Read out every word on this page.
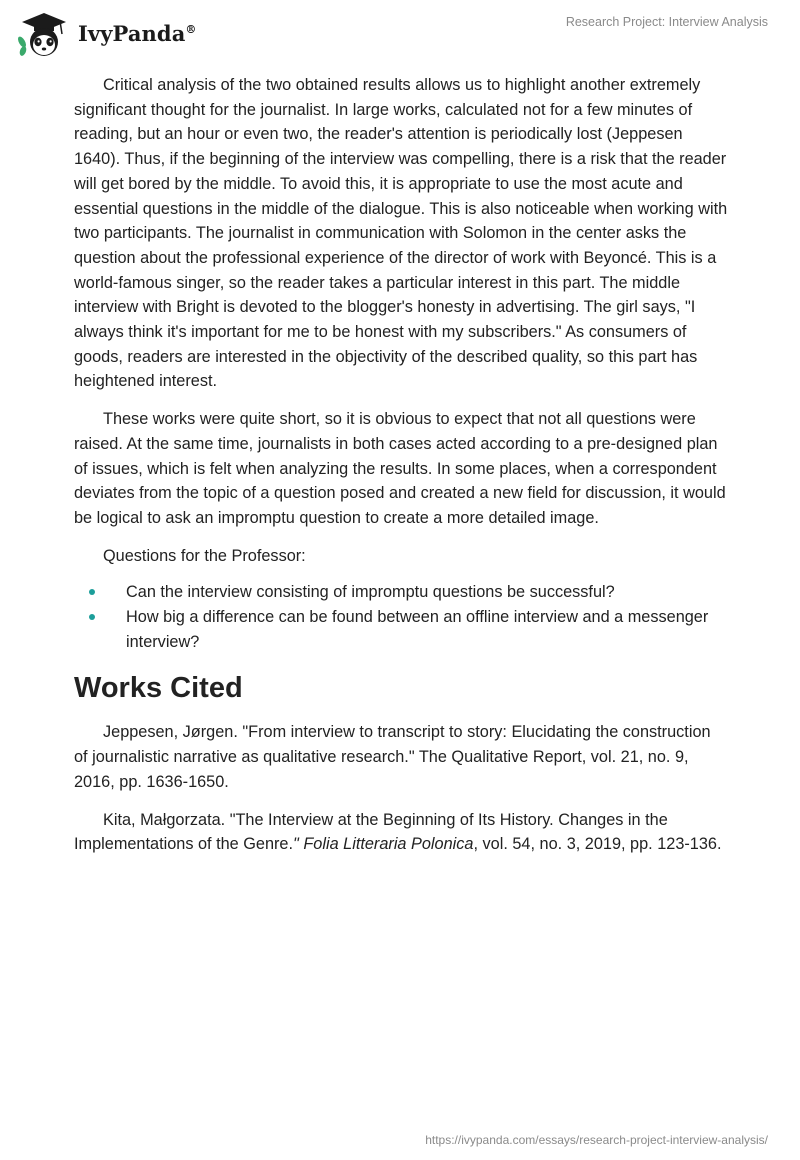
IvyPanda®	Research Project: Interview Analysis

Critical analysis of the two obtained results allows us to highlight another extremely significant thought for the journalist. In large works, calculated not for a few minutes of reading, but an hour or even two, the reader's attention is periodically lost (Jeppesen 1640). Thus, if the beginning of the interview was compelling, there is a risk that the reader will get bored by the middle. To avoid this, it is appropriate to use the most acute and essential questions in the middle of the dialogue. This is also noticeable when working with two participants. The journalist in communication with Solomon in the center asks the question about the professional experience of the director of work with Beyoncé. This is a world-famous singer, so the reader takes a particular interest in this part. The middle interview with Bright is devoted to the blogger's honesty in advertising. The girl says, "I always think it's important for me to be honest with my subscribers." As consumers of goods, readers are interested in the objectivity of the described quality, so this part has heightened interest.

These works were quite short, so it is obvious to expect that not all questions were raised. At the same time, journalists in both cases acted according to a pre-designed plan of issues, which is felt when analyzing the results. In some places, when a correspondent deviates from the topic of a question posed and created a new field for discussion, it would be logical to ask an impromptu question to create a more detailed image.

Questions for the Professor:

Can the interview consisting of impromptu questions be successful?
How big a difference can be found between an offline interview and a messenger interview?
Works Cited

Jeppesen, Jørgen. "From interview to transcript to story: Elucidating the construction of journalistic narrative as qualitative research." The Qualitative Report, vol. 21, no. 9, 2016, pp. 1636-1650.

Kita, Małgorzata. "The Interview at the Beginning of Its History. Changes in the Implementations of the Genre." Folia Litteraria Polonica, vol. 54, no. 3, 2019, pp. 123-136.

https://ivypanda.com/essays/research-project-interview-analysis/
